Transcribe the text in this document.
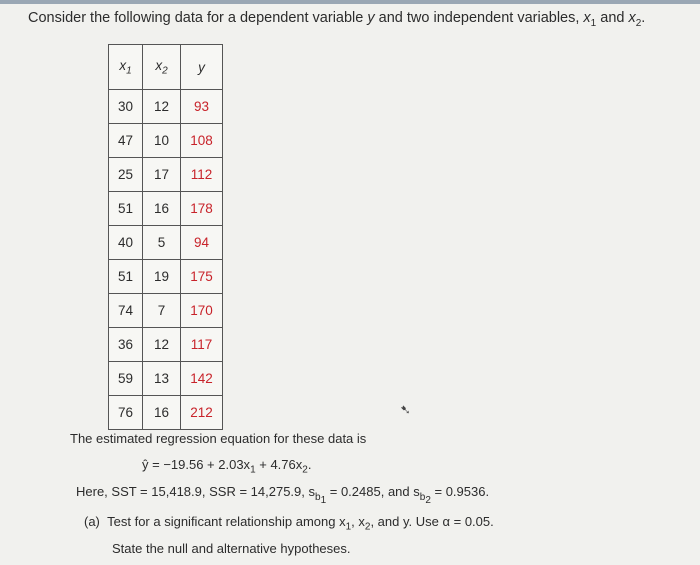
Consider the following data for a dependent variable y and two independent variables, $x_1$ and $x_2$.
$x_1$	$x_2$	y
30	12	93
47	10	108
25	17	112
51	16	178
40	5	94
51	19	175
74	7	170
36	12	117
59	13	142
76	16	212
The estimated regression equation for these data is
ŷ = $-19.56 + 2.03x_1 + 4.76x_2$.
Here, SST = 15,418.9, SSR = 14,275.9, $s_{b_1} = 0.2485$, and $s_{b_2} = 0.9536$.
(a) Test for a significant relationship among $x_1$, $x_2$, and y. Use α = 0.05.
State the null and alternative hypotheses.
➷
